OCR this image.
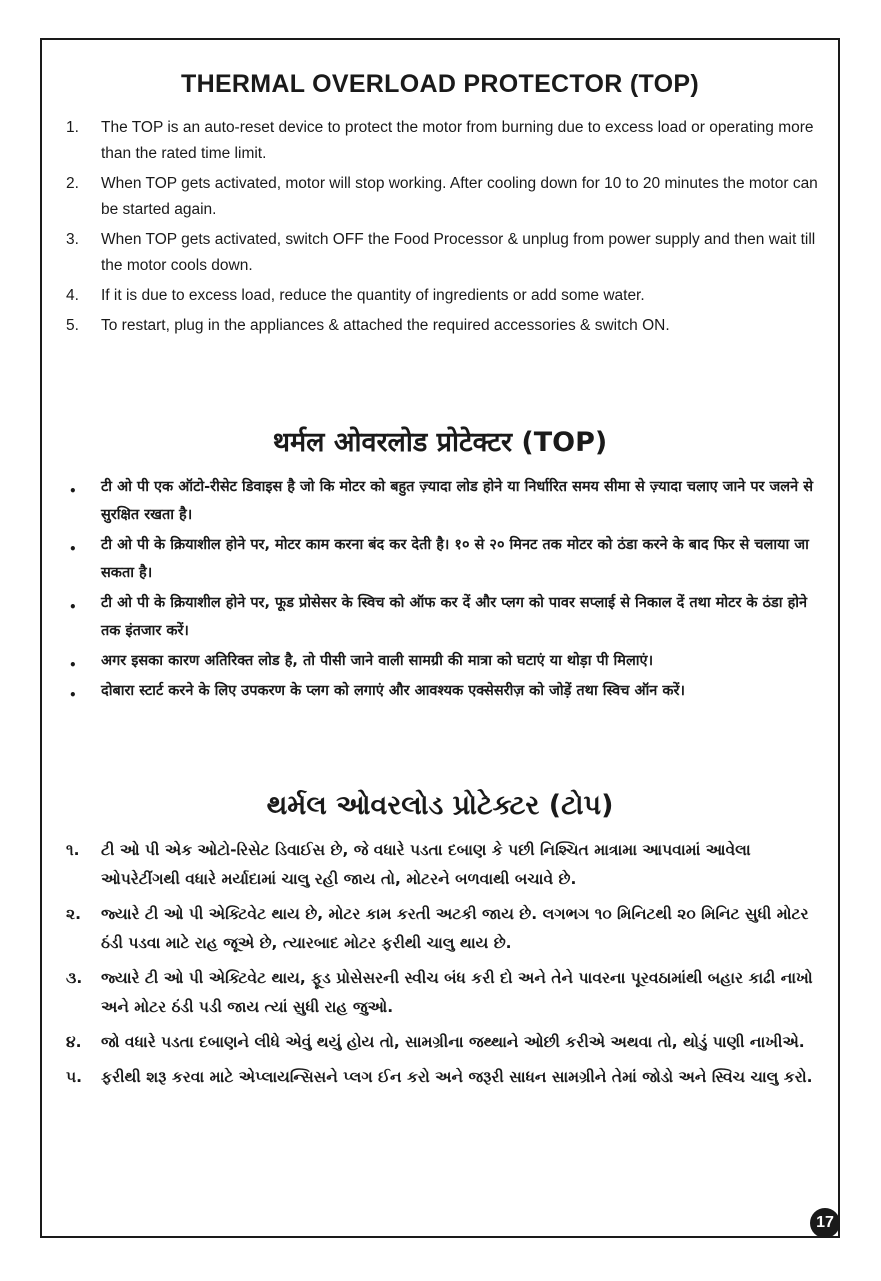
THERMAL OVERLOAD PROTECTOR (TOP)
1. The TOP is an auto-reset device to protect the motor from burning due to excess load or operating more than the rated time limit.
2. When TOP gets activated, motor will stop working. After cooling down for 10 to 20 minutes the motor can be started again.
3. When TOP gets activated, switch OFF the Food Processor & unplug from power supply and then wait till the motor cools down.
4. If it is due to excess load, reduce the quantity of ingredients or add some water.
5. To restart, plug in the appliances & attached the required accessories & switch ON.
थर्मल ओवरलोड प्रोटेक्टर (TOP)
• टी ओ पी एक ऑटो-रीसेट डिवाइस है जो कि मोटर को बहुत ज़्यादा लोड होने या निर्धारित समय सीमा से ज़्यादा चलाए जाने पर जलने से सुरक्षित रखता है।
• टी ओ पी के क्रियाशील होने पर, मोटर काम करना बंद कर देती है। १० से २० मिनट तक मोटर को ठंडा करने के बाद फिर से चलाया जा सकता है।
• टी ओ पी के क्रियाशील होने पर, फूड प्रोसेसर के स्विच को ऑफ कर दें और प्लग को पावर सप्लाई से निकाल दें तथा मोटर के ठंडा होने तक इंतजार करें।
• अगर इसका कारण अतिरिक्त लोड है, तो पीसी जाने वाली सामग्री की मात्रा को घटाएं या थोड़ा पी मिलाएं।
• दोबारा स्टार्ट करने के लिए उपकरण के प्लग को लगाएं और आवश्यक एक्सेसरीज़ को जोड़ें तथा स्विच ऑन करें।
થર્મલ ઓવરલોડ પ્રોટેક્ટર (ટોપ)
૧. ટી ઓ પી એક ઓટો-રિસેટ ડિવાઈસ છે, જે વધારે પડતા દબાણ કે પછી નિશ્ચિત માત્રામા આપવામાં આવેલા ઓપરેટીંગથી વધારે મર્યાદામાં ચાલુ રહી જાય તો, મોટરને બળવાથી બચાવે છે.
૨. જ્યારે ટી ઓ પી એક્ટિવેટ થાય છે, મોટર કામ કરતી અટકી જાય છે. લગભગ ૧૦ મિનિટથી ૨૦ મિનિટ સુધી મોટર ઠંડી પડવા માટે રાહ જૂએ છે, ત્યારબાદ મોટર ફરીથી ચાલુ થાય છે.
૩. જ્યારે ટી ઓ પી એક્ટિવેટ થાય, ફૂડ પ્રોસેસરની સ્વીચ બંધ કરી દો અને તેને પાવરના પૂરવઠામાંથી બહાર કાઢી નાખો અને મોટર ઠંડી પડી જાય ત્યાં સુધી રાહ જુઓ.
૪. જો વધારે પડતા દબાણને લીધે એવું થયું હોય તો, સામગ્રીના જથ્થાને ઓછી કરીએ અથવા તો, થોડું પાણી નાખીએ.
૫. ફરીથી શરૂ કરવા માટે એપ્લાયન્સિસને પ્લગ ઈન કરો અને જરૂરી સાધન સામગ્રીને તેમાં જોડો અને સ્વિચ ચાલુ કરો.
17
